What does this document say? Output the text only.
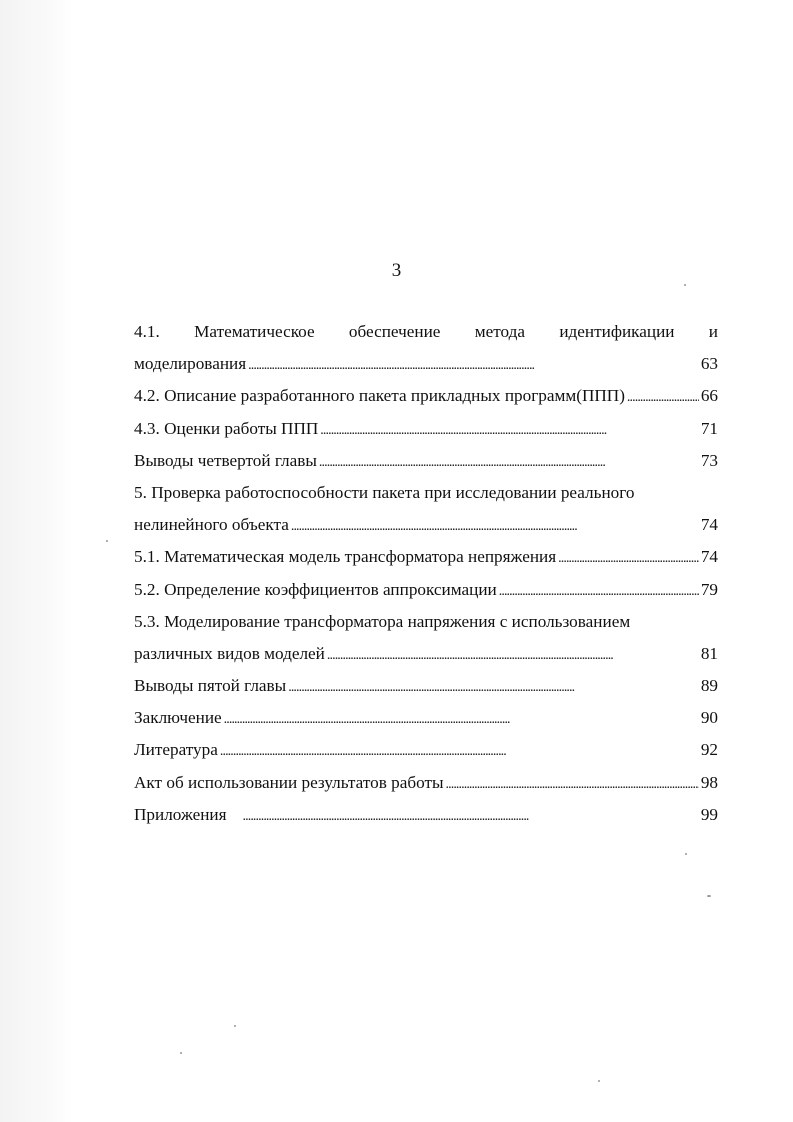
3
4.1. Математическое обеспечение метода идентификации и
моделирования . . .	63
4.2. Описание разработанного пакета прикладных программ(ППП) . . .	66
4.3. Оценки работы ППП . . .	71
Выводы четвертой главы . . .	73
5. Проверка работоспособности пакета при исследовании реального
нелинейного объекта . . .	74
5.1. Математическая модель трансформатора непряжения . . .	74
5.2. Определение коэффициентов аппроксимации . . .	79
5.3. Моделирование трансформатора напряжения с использованием
различных видов моделей . . .	81
Выводы пятой главы . . .	89
Заключение . . .	90
Литература . . .	92
Акт об использовании результатов работы . . .	98
Приложения . . .	99
